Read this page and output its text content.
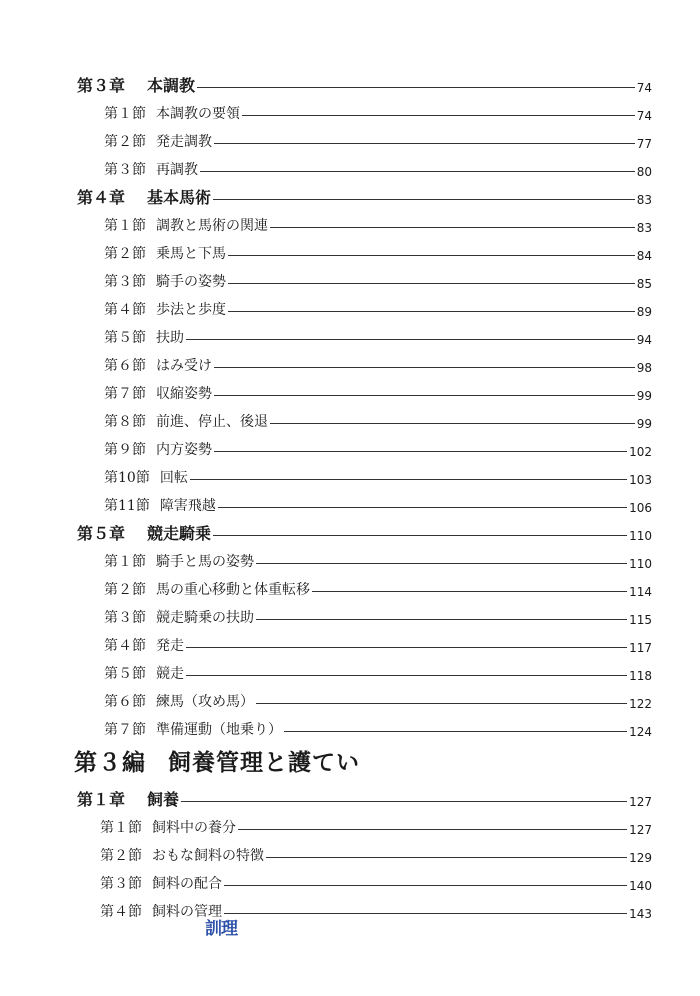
第３章 本調教	74
第１節 本調教の要領	74
第２節 発走調教	77
第３節 再調教	80
第４章 基本馬術	83
第１節 調教と馬術の関連	83
第２節 乗馬と下馬	84
第３節 騎手の姿勢	85
第４節 歩法と歩度	89
第５節 扶助	94
第６節 はみ受け	98
第７節 収縮姿勢	99
第８節 前進、停止、後退	99
第９節 内方姿勢	102
第10節 回転	103
第11節 障害飛越	106
第５章 競走騎乗	110
第１節 騎手と馬の姿勢	110
第２節 馬の重心移動と体重転移	114
第３節 競走騎乗の扶助	115
第４節 発走	117
第５節 競走	118
第６節 練馬（攻め馬）	122
第７節 準備運動（地乗り）	124
第３編 飼養管理と護てい
第１章 飼養	127
第１節 飼料中の養分	127
第２節 おもな飼料の特徴	129
第３節 飼料の配合	140
第４節 飼料の管理	143
訓理
